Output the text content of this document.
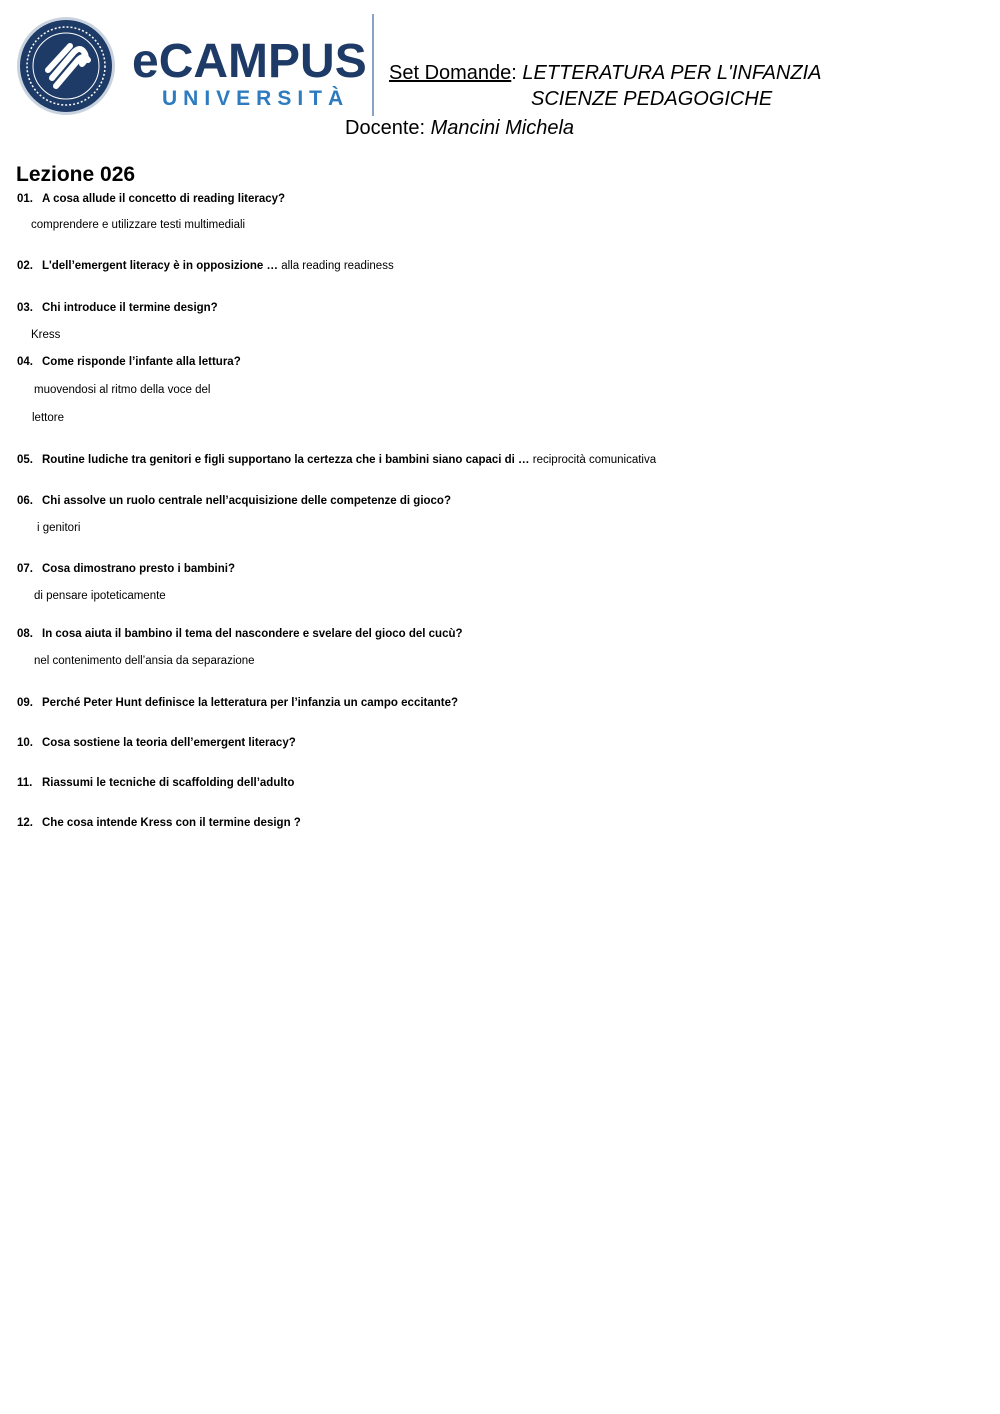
eCAMPUS
UNIVERSITÀ
Set Domande: LETTERATURA PER L'INFANZIA
SCIENZE PEDAGOGICHE
Docente: Mancini Michela
Lezione 026
01. A cosa allude il concetto di reading literacy?
comprendere e utilizzare testi multimediali
02. L'dell’emergent literacy è in opposizione … alla reading readiness
03. Chi introduce il termine design?
Kress
04. Come risponde l’infante alla lettura?
muovendosi al ritmo della voce del
lettore
05. Routine ludiche tra genitori e figli supportano la certezza che i bambini siano capaci di … reciprocità comunicativa
06. Chi assolve un ruolo centrale nell’acquisizione delle competenze di gioco?
i genitori
07. Cosa dimostrano presto i bambini?
di pensare ipoteticamente
08. In cosa aiuta il bambino il tema del nascondere e svelare del gioco del cucù?
nel contenimento dell’ansia da separazione
09. Perché Peter Hunt definisce la letteratura per l’infanzia un campo eccitante?
10. Cosa sostiene la teoria dell’emergent literacy?
11. Riassumi le tecniche di scaffolding dell’adulto
12. Che cosa intende Kress con il termine design ?
